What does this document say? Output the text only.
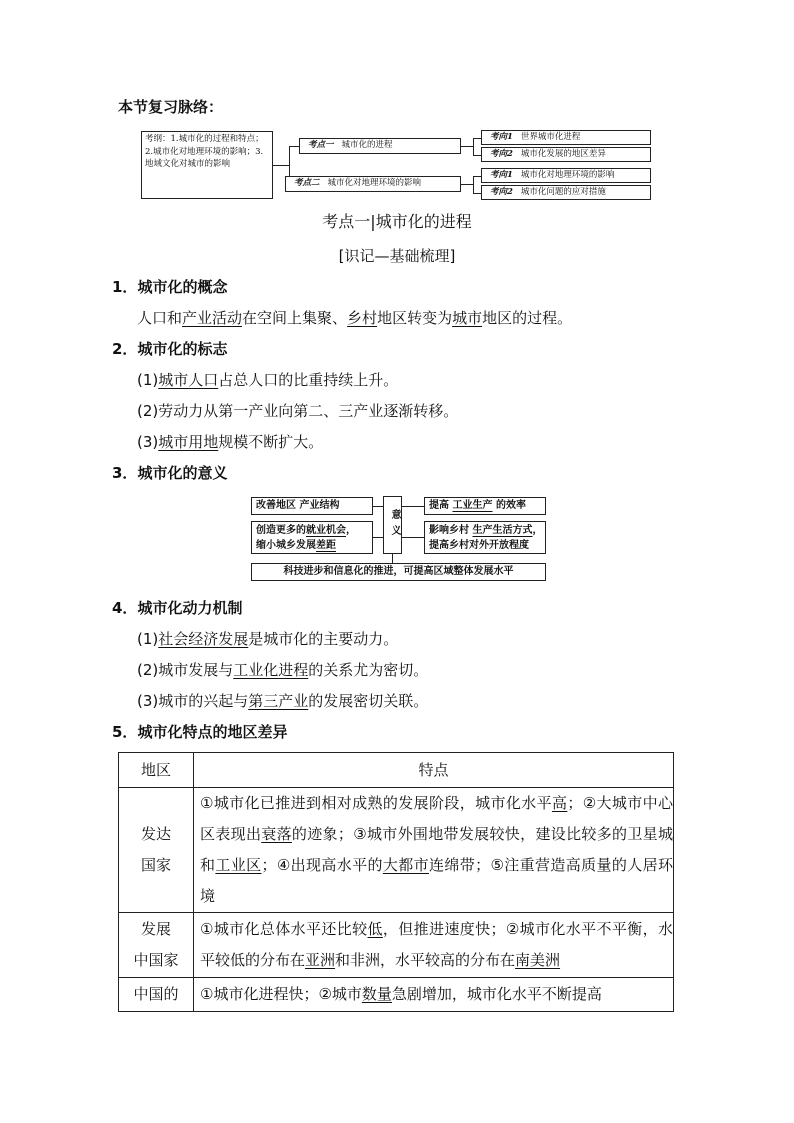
本节复习脉络：
考纲：1.城市化的过程和特点；2.城市化对地理环境的影响；3.地域文化对城市的影响
考点一 城市化的进程
考点二 城市化对地理环境的影响
考向1 世界城市化进程
考向2 城市化发展的地区差异
考向1 城市化对地理环境的影响
考向2 城市化问题的应对措施
考点一|城市化的进程
[识记—基础梳理]
1．城市化的概念
人口和产业活动在空间上集聚、乡村地区转变为城市地区的过程。
2．城市化的标志
(1)城市人口占总人口的比重持续上升。
(2)劳动力从第一产业向第二、三产业逐渐转移。
(3)城市用地规模不断扩大。
3．城市化的意义
改善地区 产业结构
创造更多的就业机会，
缩小城乡发展差距
意义
提高 工业生产 的效率
影响乡村 生产生活方式，
提高乡村对外开放程度
科技进步和信息化的推进，可提高区域整体发展水平
4．城市化动力机制
(1)社会经济发展是城市化的主要动力。
(2)城市发展与工业化进程的关系尤为密切。
(3)城市的兴起与第三产业的发展密切关联。
5．城市化特点的地区差异
地区	特点
发达
国家	①城市化已推进到相对成熟的发展阶段，城市化水平高；②大城市中心区表现出衰落的迹象；③城市外围地带发展较快，建设比较多的卫星城和工业区；④出现高水平的大都市连绵带；⑤注重营造高质量的人居环境
发展
中国家	①城市化总体水平还比较低，但推进速度快；②城市化水平不平衡，水平较低的分布在亚洲和非洲，水平较高的分布在南美洲
中国的	①城市化进程快；②城市数量急剧增加，城市化水平不断提高
